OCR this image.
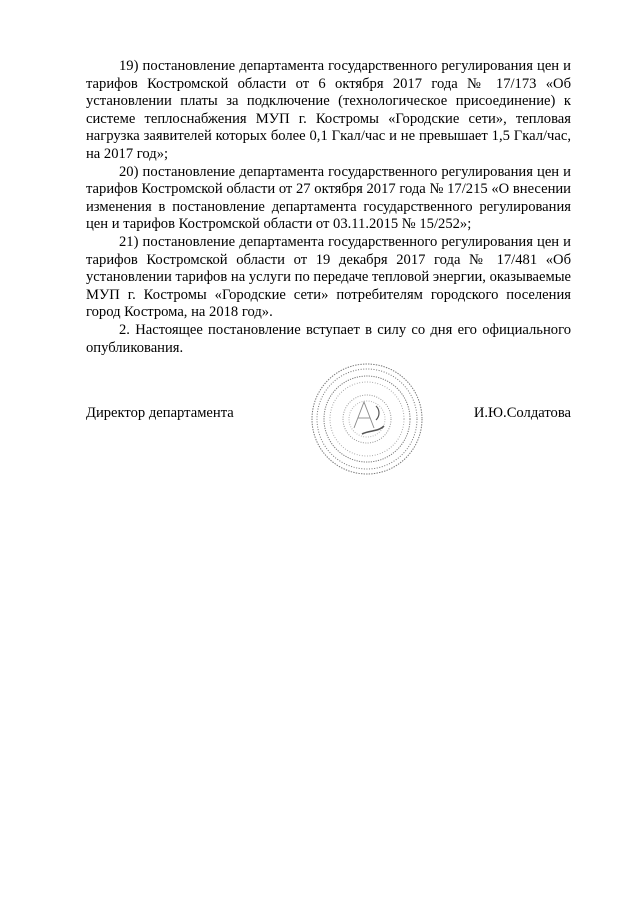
19) постановление департамента государственного регулирования цен и тарифов Костромской области от 6 октября 2017 года № 17/173 «Об установлении платы за подключение (технологическое присоединение) к системе теплоснабжения МУП г. Костромы «Городские сети», тепловая нагрузка заявителей которых более 0,1 Гкал/час и не превышает 1,5 Гкал/час, на 2017 год»;

20) постановление департамента государственного регулирования цен и тарифов Костромской области от 27 октября 2017 года № 17/215 «О внесении изменения в постановление департамента государственного регулирования цен и тарифов Костромской области от 03.11.2015 № 15/252»;

21) постановление департамента государственного регулирования цен и тарифов Костромской области от 19 декабря 2017 года № 17/481 «Об установлении тарифов на услуги по передаче тепловой энергии, оказываемые МУП г. Костромы «Городские сети» потребителям городского поселения город Кострома, на 2018 год».

2. Настоящее постановление вступает в силу со дня его официального опубликования.

Директор департамента	И.Ю.Солдатова
